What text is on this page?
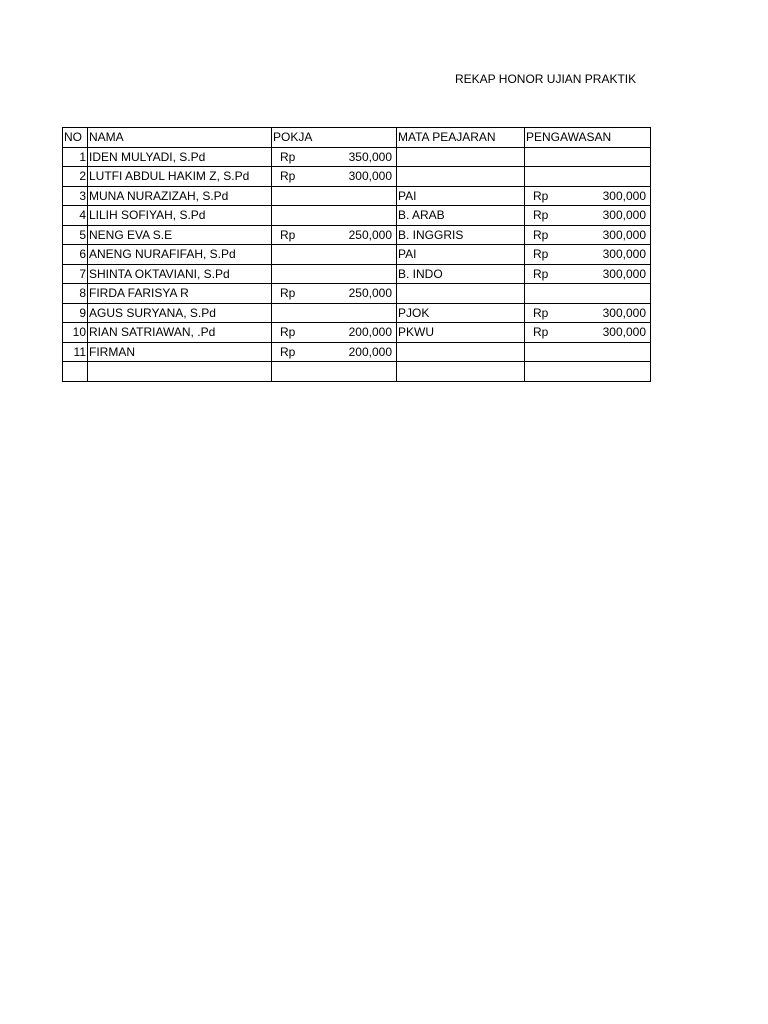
REKAP HONOR UJIAN PRAKTIK
NO	NAMA	POKJA	MATA PEAJARAN	PENGAWASAN
1	IDEN MULYADI, S.Pd	Rp 350,000		

2	LUTFI ABDUL HAKIM Z, S.Pd	Rp 300,000		

3	MUNA NURAZIZAH, S.Pd		PAI	Rp 300,000

4	LILIH SOFIYAH, S.Pd		B. ARAB	Rp 300,000

5	NENG EVA S.E	Rp 250,000	B. INGGRIS	Rp 300,000

6	ANENG NURAFIFAH, S.Pd		PAI	Rp 300,000

7	SHINTA OKTAVIANI, S.Pd		B. INDO	Rp 300,000

8	FIRDA FARISYA R	Rp 250,000		

9	AGUS SURYANA, S.Pd		PJOK	Rp 300,000

10	RIAN SATRIAWAN, .Pd	Rp 200,000	PKWU	Rp 300,000

11	FIRMAN	Rp 200,000		
